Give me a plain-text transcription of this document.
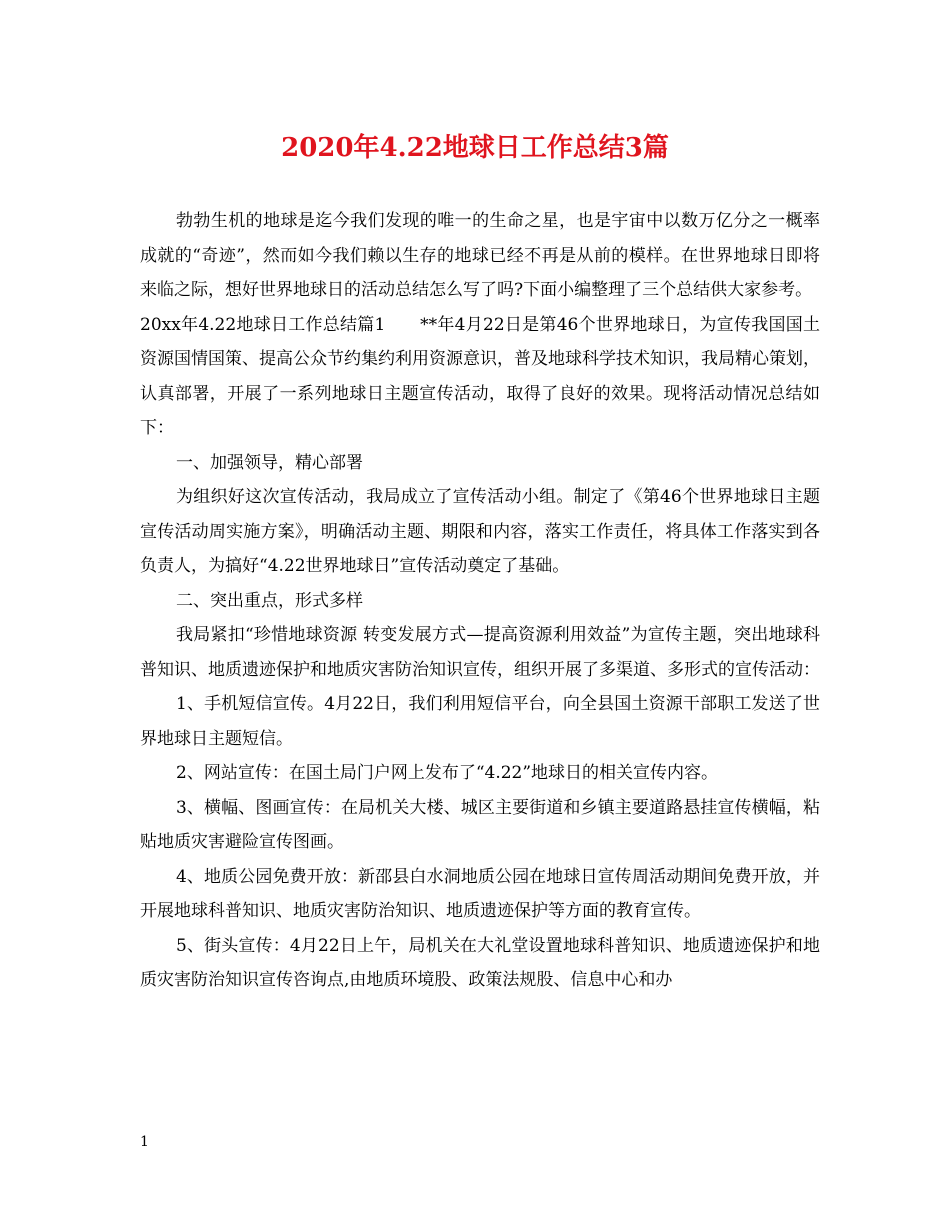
2020年4.22地球日工作总结3篇

勃勃生机的地球是迄今我们发现的唯一的生命之星，也是宇宙中以数万亿分之一概率成就的“奇迹”，然而如今我们赖以生存的地球已经不再是从前的模样。在世界地球日即将来临之际，想好世界地球日的活动总结怎么写了吗?下面小编整理了三个总结供大家参考。

20xx年4.22地球日工作总结篇1　　**年4月22日是第46个世界地球日，为宣传我国国土资源国情国策、提高公众节约集约利用资源意识，普及地球科学技术知识，我局精心策划，认真部署，开展了一系列地球日主题宣传活动，取得了良好的效果。现将活动情况总结如下：

一、加强领导，精心部署

为组织好这次宣传活动，我局成立了宣传活动小组。制定了《第46个世界地球日主题宣传活动周实施方案》，明确活动主题、期限和内容，落实工作责任，将具体工作落实到各负责人，为搞好“4.22世界地球日”宣传活动奠定了基础。

二、突出重点，形式多样

我局紧扣“珍惜地球资源 转变发展方式—提高资源利用效益”为宣传主题，突出地球科普知识、地质遗迹保护和地质灾害防治知识宣传，组织开展了多渠道、多形式的宣传活动：

1、手机短信宣传。4月22日，我们利用短信平台，向全县国土资源干部职工发送了世界地球日主题短信。

2、网站宣传：在国土局门户网上发布了“4.22”地球日的相关宣传内容。

3、横幅、图画宣传：在局机关大楼、城区主要街道和乡镇主要道路悬挂宣传横幅，粘贴地质灾害避险宣传图画。

4、地质公园免费开放：新邵县白水洞地质公园在地球日宣传周活动期间免费开放，并开展地球科普知识、地质灾害防治知识、地质遗迹保护等方面的教育宣传。

5、街头宣传：4月22日上午，局机关在大礼堂设置地球科普知识、地质遗迹保护和地质灾害防治知识宣传咨询点,由地质环境股、政策法规股、信息中心和办

1
